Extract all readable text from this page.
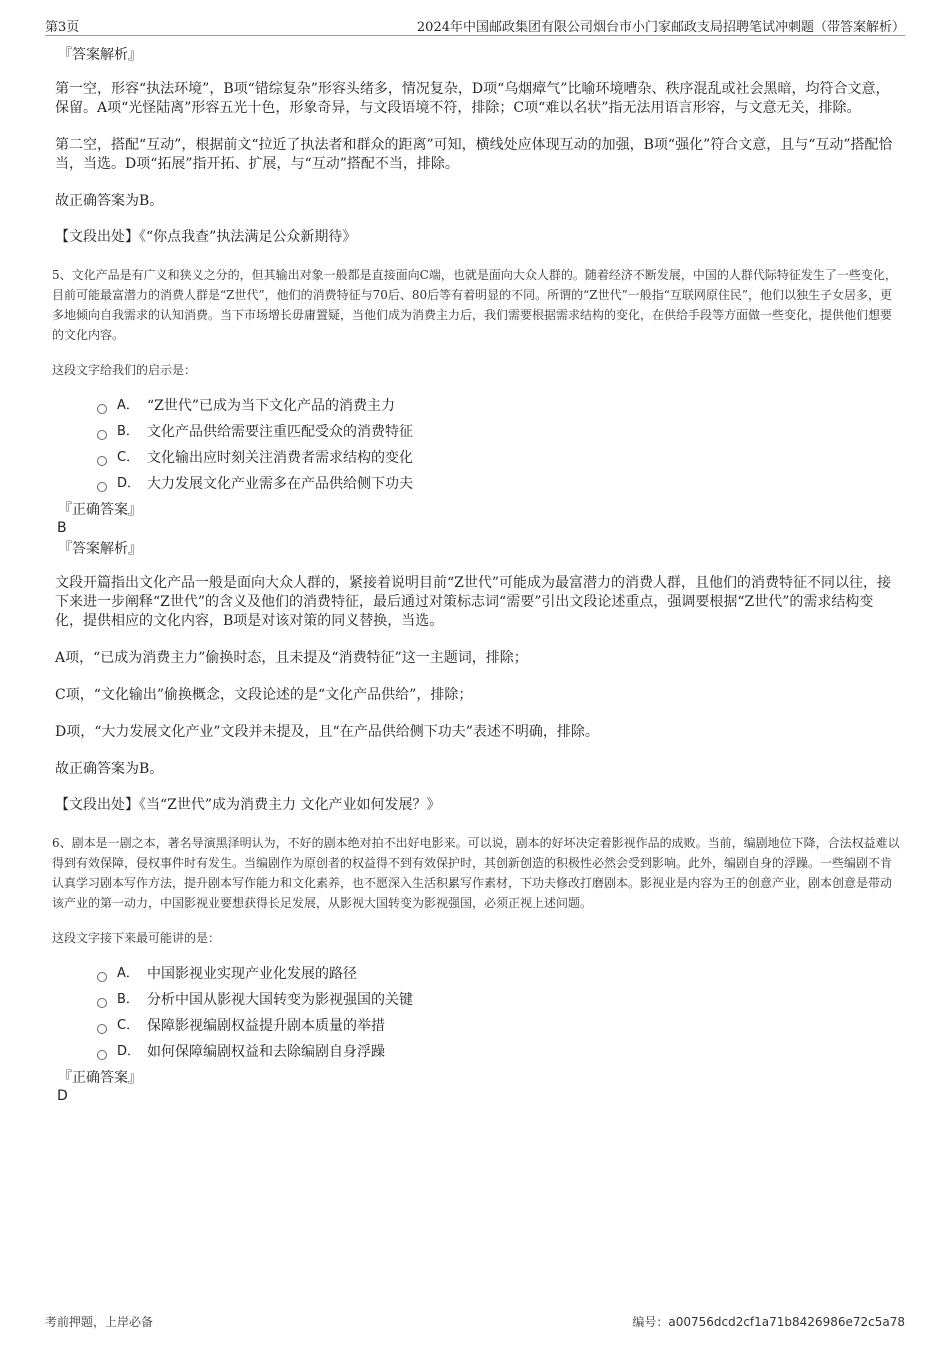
第3页	2024年中国邮政集团有限公司烟台市小门家邮政支局招聘笔试冲刺题（带答案解析）
『答案解析』

第一空，形容“执法环境”，B项“错综复杂”形容头绪多，情况复杂，D项“乌烟瘴气”比喻环境嘈杂、秩序混乱或社会黑暗，均符合文意，保留。A项“光怪陆离”形容五光十色，形象奇异，与文段语境不符，排除；C项“难以名状”指无法用语言形容，与文意无关，排除。

第二空，搭配“互动”，根据前文“拉近了执法者和群众的距离”可知，横线处应体现互动的加强，B项“强化”符合文意，且与“互动”搭配恰当，当选。D项“拓展”指开拓、扩展，与“互动”搭配不当，排除。

故正确答案为B。

【文段出处】《“你点我查”执法满足公众新期待》

5、文化产品是有广义和狭义之分的，但其输出对象一般都是直接面向C端，也就是面向大众人群的。随着经济不断发展，中国的人群代际特征发生了一些变化，目前可能最富潜力的消费人群是“Z世代”，他们的消费特征与70后、80后等有着明显的不同。所谓的“Z世代”一般指“互联网原住民”，他们以独生子女居多，更多地倾向自我需求的认知消费。当下市场增长毋庸置疑，当他们成为消费主力后，我们需要根据需求结构的变化，在供给手段等方面做一些变化，提供他们想要的文化内容。

这段文字给我们的启示是：

A． “Z世代”已成为当下文化产品的消费主力
B． 文化产品供给需要注重匹配受众的消费特征
C． 文化输出应时刻关注消费者需求结构的变化
D． 大力发展文化产业需多在产品供给侧下功夫
『正确答案』
B
『答案解析』

文段开篇指出文化产品一般是面向大众人群的，紧接着说明目前“Z世代”可能成为最富潜力的消费人群，且他们的消费特征不同以往，接下来进一步阐释“Z世代”的含义及他们的消费特征，最后通过对策标志词“需要”引出文段论述重点，强调要根据“Z世代”的需求结构变化，提供相应的文化内容，B项是对该对策的同义替换，当选。

A项，“已成为消费主力”偷换时态，且未提及“消费特征”这一主题词，排除；

C项，“文化输出”偷换概念，文段论述的是“文化产品供给”，排除；

D项，“大力发展文化产业”文段并未提及，且“在产品供给侧下功夫”表述不明确，排除。

故正确答案为B。

【文段出处】《当“Z世代”成为消费主力 文化产业如何发展？》

6、剧本是一剧之本，著名导演黑泽明认为，不好的剧本绝对拍不出好电影来。可以说，剧本的好坏决定着影视作品的成败。当前，编剧地位下降，合法权益难以得到有效保障，侵权事件时有发生。当编剧作为原创者的权益得不到有效保护时，其创新创造的积极性必然会受到影响。此外，编剧自身的浮躁。一些编剧不肯认真学习剧本写作方法，提升剧本写作能力和文化素养，也不愿深入生活积累写作素材，下功夫修改打磨剧本。影视业是内容为王的创意产业，剧本创意是带动该产业的第一动力，中国影视业要想获得长足发展，从影视大国转变为影视强国，必须正视上述问题。

这段文字接下来最可能讲的是：

A． 中国影视业实现产业化发展的路径
B． 分析中国从影视大国转变为影视强国的关键
C． 保障影视编剧权益提升剧本质量的举措
D． 如何保障编剧权益和去除编剧自身浮躁
『正确答案』
D
考前押题，上岸必备	编号：a00756dcd2cf1a71b8426986e72c5a78
